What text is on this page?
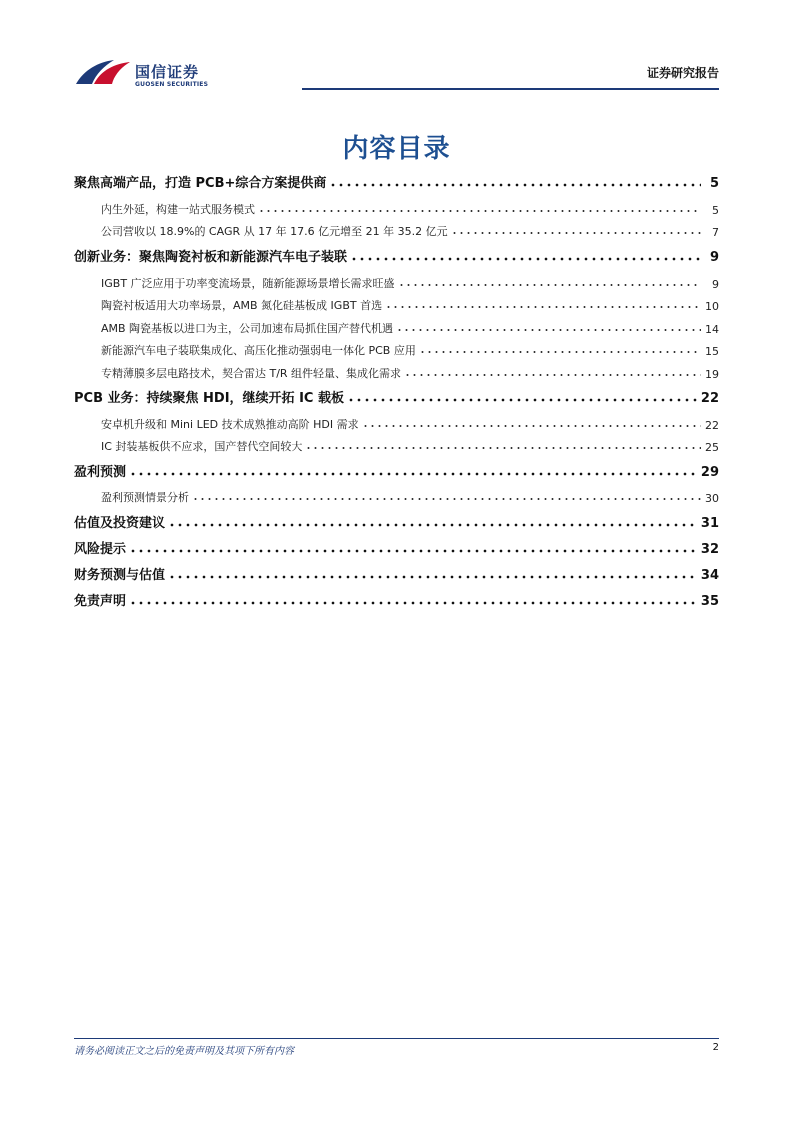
国信证券
GUOSEN SECURITIES
证券研究报告
内容目录
聚焦高端产品，打造 PCB+综合方案提供商	5
内生外延，构建一站式服务模式	5
公司营收以 18.9%的 CAGR 从 17 年 17.6 亿元增至 21 年 35.2 亿元	7
创新业务：聚焦陶瓷衬板和新能源汽车电子装联	9
IGBT 广泛应用于功率变流场景，随新能源场景增长需求旺盛	9
陶瓷衬板适用大功率场景，AMB 氮化硅基板成 IGBT 首选	10
AMB 陶瓷基板以进口为主，公司加速布局抓住国产替代机遇	14
新能源汽车电子装联集成化、高压化推动强弱电一体化 PCB 应用	15
专精薄膜多层电路技术，契合雷达 T/R 组件轻量、集成化需求	19
PCB 业务：持续聚焦 HDI，继续开拓 IC 载板	22
安卓机升级和 Mini LED 技术成熟推动高阶 HDI 需求	22
IC 封装基板供不应求，国产替代空间较大	25
盈利预测	29
盈利预测情景分析	30
估值及投资建议	31
风险提示	32
财务预测与估值	34
免责声明	35
请务必阅读正文之后的免责声明及其项下所有内容	2
